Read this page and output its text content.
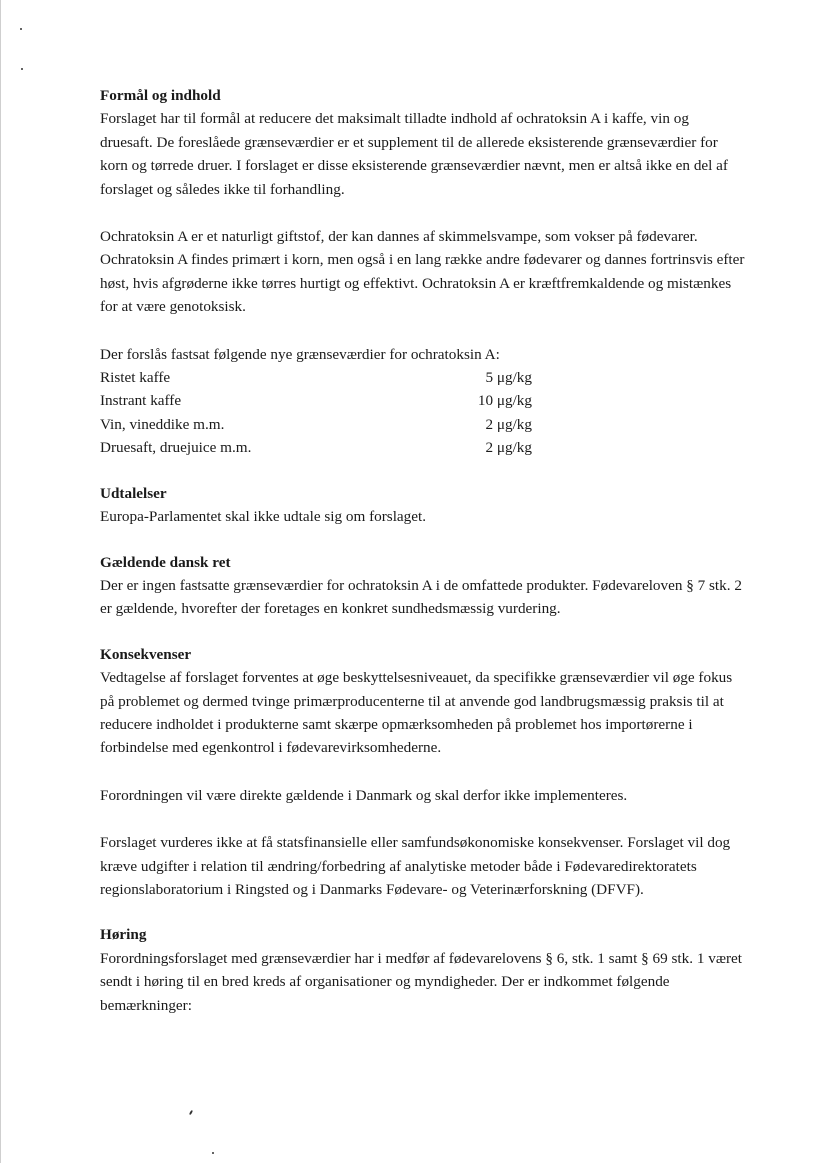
Formål og indhold

Forslaget har til formål at reducere det maksimalt tilladte indhold af ochratoksin A i kaffe, vin og druesaft. De foreslåede grænseværdier er et supplement til de allerede eksisterende grænseværdier for korn og tørrede druer. I forslaget er disse eksisterende grænseværdier nævnt, men er altså ikke en del af forslaget og således ikke til forhandling.

Ochratoksin A er et naturligt giftstof, der kan dannes af skimmelsvampe, som vokser på fødevarer. Ochratoksin A findes primært i korn, men også i en lang række andre fødevarer og dannes fortrinsvis efter høst, hvis afgrøderne ikke tørres hurtigt og effektivt. Ochratoksin A er kræftfremkaldende og mistænkes for at være genotoksisk.

Der forslås fastsat følgende nye grænseværdier for ochratoksin A:

Ristet kaffe	5 μg/kg
Instrant kaffe	10 μg/kg
Vin, vineddike m.m.	2 μg/kg
Druesaft, druejuice m.m.	2 μg/kg
Udtalelser

Europa-Parlamentet skal ikke udtale sig om forslaget.

Gældende dansk ret

Der er ingen fastsatte grænseværdier for ochratoksin A i de omfattede produkter. Fødevareloven § 7 stk. 2 er gældende, hvorefter der foretages en konkret sundhedsmæssig vurdering.

Konsekvenser

Vedtagelse af forslaget forventes at øge beskyttelsesniveauet, da specifikke grænseværdier vil øge fokus på problemet og dermed tvinge primærproducenterne til at anvende god landbrugsmæssig praksis til at reducere indholdet i produkterne samt skærpe opmærksomheden på problemet hos importørerne i forbindelse med egenkontrol i fødevarevirksomhederne.

Forordningen vil være direkte gældende i Danmark og skal derfor ikke implementeres.

Forslaget vurderes ikke at få statsfinansielle eller samfundsøkonomiske konsekvenser. Forslaget vil dog kræve udgifter i relation til ændring/forbedring af analytiske metoder både i Fødevaredirektoratets regionslaboratorium i Ringsted og i Danmarks Fødevare- og Veterinærforskning (DFVF).

Høring

Forordningsforslaget med grænseværdier har i medfør af fødevarelovens § 6, stk. 1 samt § 69 stk. 1 været sendt i høring til en bred kreds af organisationer og myndigheder. Der er indkommet følgende bemærkninger:
